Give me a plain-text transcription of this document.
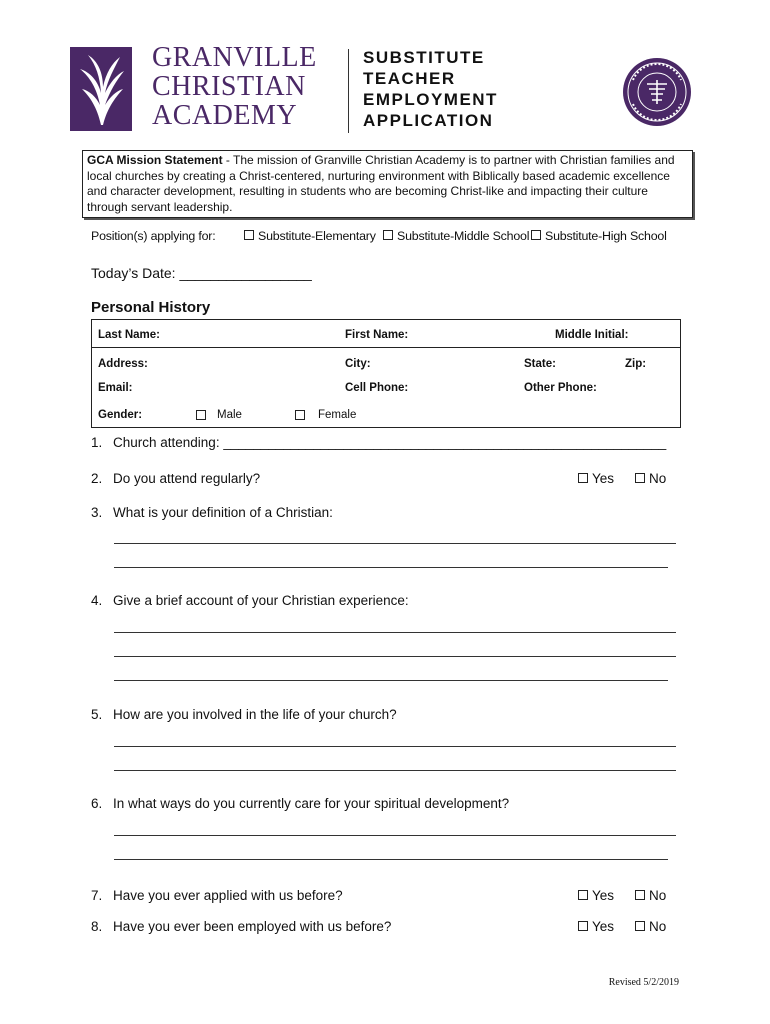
GRANVILLE
CHRISTIAN
ACADEMY
SUBSTITUTE
TEACHER
EMPLOYMENT
APPLICATION
GCA Mission Statement - The mission of Granville Christian Academy is to partner with Christian families and local churches by creating a Christ-centered, nurturing environment with Biblically based academic excellence and character development, resulting in students who are becoming Christ-like and impacting their culture through servant leadership.
Position(s) applying for:	Substitute-Elementary	Substitute-Middle School	Substitute-High School
Today’s Date: _________________
Personal History
Last Name:	First Name:	Middle Initial:
Address:	City:	State:	Zip:
Email:	Cell Phone:	Other Phone:
Gender:	Male	Female
1. Church attending: ___________________________________________________________
2. Do you attend regularly?	Yes	No
3. What is your definition of a Christian:
4. Give a brief account of your Christian experience:
5. How are you involved in the life of your church?
6. In what ways do you currently care for your spiritual development?
7. Have you ever applied with us before?	Yes	No
8. Have you ever been employed with us before?	Yes	No
Revised 5/2/2019
